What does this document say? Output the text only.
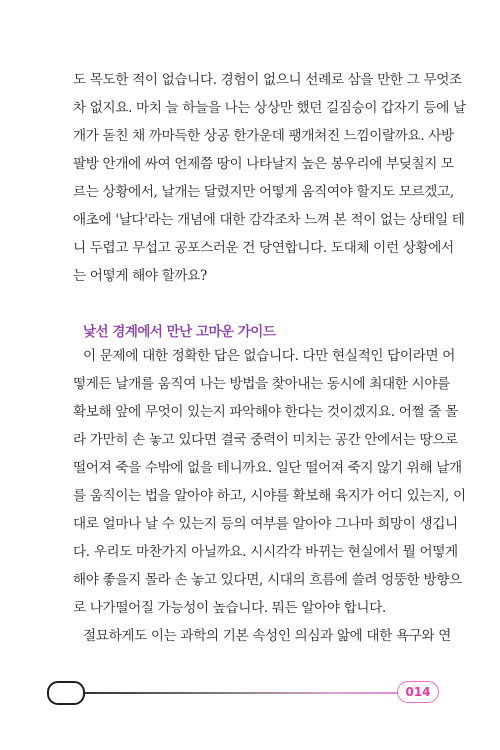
도 목도한 적이 없습니다. 경험이 없으니 선례로 삼을 만한 그 무엇조
차 없지요. 마치 늘 하늘을 나는 상상만 했던 길짐승이 갑자기 등에 날
개가 돋친 채 까마득한 상공 한가운데 팽개쳐진 느낌이랄까요. 사방
팔방 안개에 싸여 언제쯤 땅이 나타날지 높은 봉우리에 부딪칠지 모
르는 상황에서, 날개는 달렸지만 어떻게 움직여야 할지도 모르겠고,
애초에 '날다'라는 개념에 대한 감각조차 느껴 본 적이 없는 상태일 테
니 두렵고 무섭고 공포스러운 건 당연합니다. 도대체 이런 상황에서
는 어떻게 해야 할까요?
낯선 경계에서 만난 고마운 가이드
이 문제에 대한 정확한 답은 없습니다. 다만 현실적인 답이라면 어
떻게든 날개를 움직여 나는 방법을 찾아내는 동시에 최대한 시야를
확보해 앞에 무엇이 있는지 파악해야 한다는 것이겠지요. 어쩔 줄 몰
라 가만히 손 놓고 있다면 결국 중력이 미치는 공간 안에서는 땅으로
떨어져 죽을 수밖에 없을 테니까요. 일단 떨어져 죽지 않기 위해 날개
를 움직이는 법을 알아야 하고, 시야를 확보해 육지가 어디 있는지, 이
대로 얼마나 날 수 있는지 등의 여부를 알아야 그나마 희망이 생깁니
다. 우리도 마찬가지 아닐까요. 시시각각 바뀌는 현실에서 뭘 어떻게
해야 좋을지 몰라 손 놓고 있다면, 시대의 흐름에 쓸려 엉뚱한 방향으
로 나가떨어질 가능성이 높습니다. 뭐든 알아야 합니다.
절묘하게도 이는 과학의 기본 속성인 의심과 앎에 대한 욕구와 연
014
